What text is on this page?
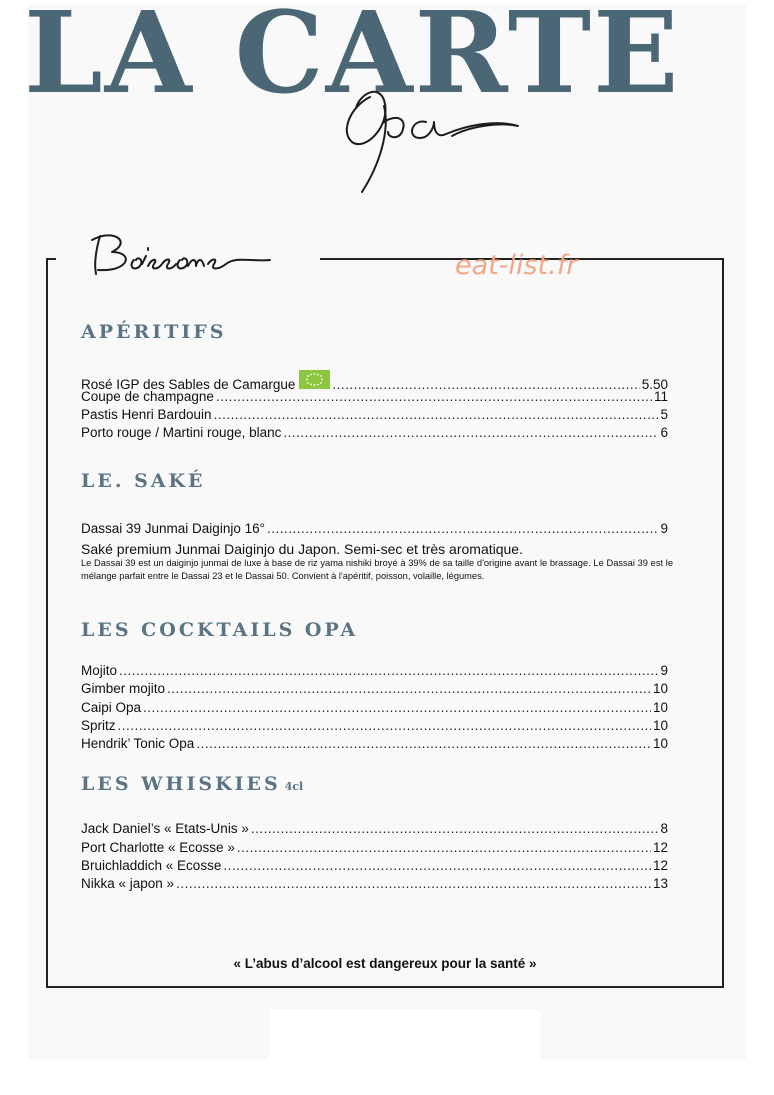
LA CARTE

eat-list.fr

APÉRITIFS
Rosé IGP des Sables de Camargue .....	5.50
Coupe de champagne .....	11
Pastis Henri Bardouin .....	5
Porto rouge / Martini rouge, blanc .....	6
LE. SAKÉ
Dassai 39 Junmai Daiginjo 16° .....	9

Saké premium Junmai Daiginjo du Japon. Semi-sec et très aromatique.

Le Dassai 39 est un daiginjo junmai de luxe à base de riz yama nishiki broyé à 39% de sa taille d'origine avant le brassage. Le Dassai 39 est le mélange parfait entre le Dassai 23 et le Dassai 50. Convient à l'apéritif, poisson, volaille, légumes.

LES COCKTAILS OPA
Mojito .....	9
Gimber mojito .....	10
Caipi Opa .....	10
Spritz .....	10
Hendrik’ Tonic Opa .....	10
LES WHISKIES 4cl
Jack Daniel’s « Etats-Unis » .....	8
Port Charlotte « Ecosse » .....	12
Bruichladdich « Ecosse .....	12
Nikka « japon » .....	13

« L’abus d’alcool est dangereux pour la santé »
